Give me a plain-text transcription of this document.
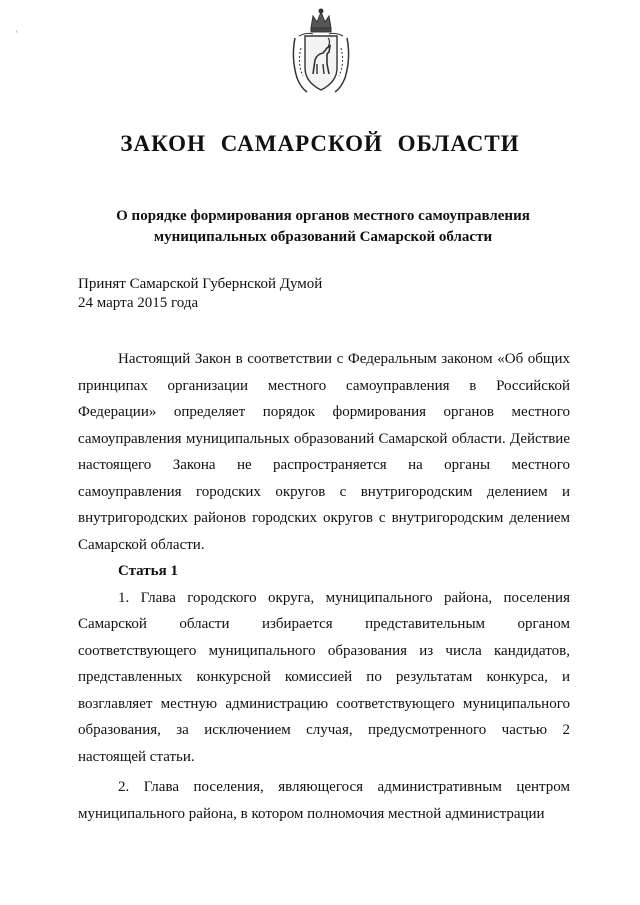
'
ЗАКОН САМАРСКОЙ ОБЛАСТИ
О порядке формирования органов местного самоуправления
муниципальных образований Самарской области
Принят Самарской Губернской Думой
24 марта 2015 года

Настоящий Закон в соответствии с Федеральным законом «Об общих принципах организации местного самоуправления в Российской Федерации» определяет порядок формирования органов местного самоуправления муниципальных образований Самарской области. Действие настоящего Закона не распространяется на органы местного самоуправления городских округов с внутригородским делением и внутригородских районов городских округов с внутригородским делением Самарской области.

Статья 1

1. Глава городского округа, муниципального района, поселения Самарской области избирается представительным органом соответствующего муниципального образования из числа кандидатов, представленных конкурсной комиссией по результатам конкурса, и возглавляет местную администрацию соответствующего муниципального образования, за исключением случая, предусмотренного частью 2 настоящей статьи.

2. Глава поселения, являющегося административным центром муниципального района, в котором полномочия местной администрации
